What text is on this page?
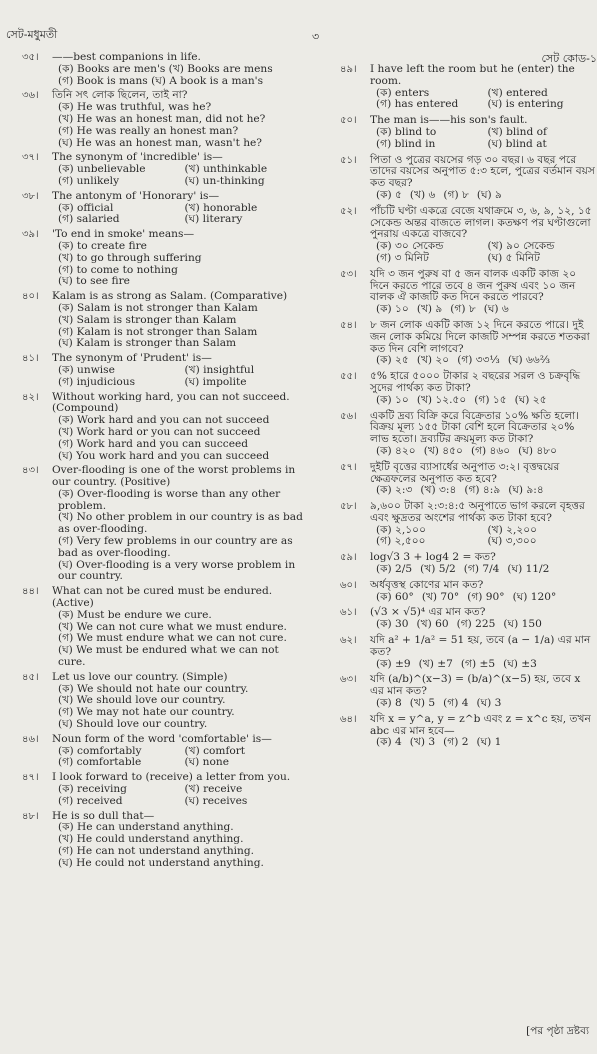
সেট-মধুমতী	৩
সেট কোড-১
৩৫। ——best companions in life.
(ক) Books are men's (খ) Books are mens
(গ) Book is mans (ঘ) A book is a man's
৩৬। তিনি সৎ লোক ছিলেন, তাই না?
(ক) He was truthful, was he?
(খ) He was an honest man, did not he?
(গ) He was really an honest man?
(ঘ) He was an honest man, wasn't he?
৩৭। The synonym of 'incredible' is—
(ক) unbelievable	(খ) unthinkable
(গ) unlikely	(ঘ) un-thinking
৩৮। The antonym of 'Honorary' is—
(ক) official	(খ) honorable
(গ) salaried	(ঘ) literary
৩৯। 'To end in smoke' means—
(ক) to create fire
(খ) to go through suffering
(গ) to come to nothing
(ঘ) to see fire
৪০। Kalam is as strong as Salam. (Comparative)
(ক) Salam is not stronger than Kalam
(খ) Salam is stronger than Kalam
(গ) Kalam is not stronger than Salam
(ঘ) Kalam is stronger than Salam
৪১। The synonym of 'Prudent' is—
(ক) unwise	(খ) insightful
(গ) injudicious	(ঘ) impolite
৪২। Without working hard, you can not succeed. (Compound)
(ক) Work hard and you can not succeed
(খ) Work hard or you can not succeed
(গ) Work hard and you can succeed
(ঘ) You work hard and you can succeed
৪৩। Over-flooding is one of the worst problems in our country. (Positive)
(ক) Over-flooding is worse than any other problem.
(খ) No other problem in our country is as bad as over-flooding.
(গ) Very few problems in our country are as bad as over-flooding.
(ঘ) Over-flooding is a very worse problem in our country.
৪৪। What can not be cured must be endured. (Active)
(ক) Must be endure we cure.
(খ) We can not cure what we must endure.
(গ) We must endure what we can not cure.
(ঘ) We must be endured what we can not cure.
৪৫। Let us love our country. (Simple)
(ক) We should not hate our country.
(খ) We should love our country.
(গ) We may not hate our country.
(ঘ) Should love our country.
৪৬। Noun form of the word 'comfortable' is—
(ক) comfortably	(খ) comfort
(গ) comfortable	(ঘ) none
৪৭। I look forward to (receive) a letter from you.
(ক) receiving	(খ) receive
(গ) received	(ঘ) receives
৪৮। He is so dull that—
(ক) He can understand anything.
(খ) He could understand anything.
(গ) He can not understand anything.
(ঘ) He could not understand anything.
৪৯। I have left the room but he (enter) the room.
(ক) enters	(খ) entered
(গ) has entered	(ঘ) is entering
৫০। The man is——his son's fault.
(ক) blind to	(খ) blind of
(গ) blind in	(ঘ) blind at
৫১। পিতা ও পুত্রের বয়সের গড় ৩০ বছর। ৬ বছর পরে তাদের বয়সের অনুপাত ৫:৩ হলে, পুত্রের বর্তমান বয়স কত বছর?
(ক) ৫ (খ) ৬ (গ) ৮ (ঘ) ৯
৫২। পাঁচটি ঘণ্টা একত্রে বেজে যথাক্রমে ৩, ৬, ৯, ১২, ১৫ সেকেন্ড অন্তর বাজতে লাগল। কতক্ষণ পর ঘণ্টাগুলো পুনরায় একত্রে বাজবে?
(ক) ৩০ সেকেন্ড	(খ) ৯০ সেকেন্ড
(গ) ৩ মিনিট	(ঘ) ৫ মিনিট
৫৩। যদি ৩ জন পুরুষ বা ৫ জন বালক একটি কাজ ২০ দিনে করতে পারে তবে ৪ জন পুরুষ এবং ১০ জন বালক ঐ কাজটি কত দিনে করতে পারবে?
(ক) ১০ (খ) ৯ (গ) ৮ (ঘ) ৬
৫৪। ৮ জন লোক একটি কাজ ১২ দিনে করতে পারে। দুই জন লোক কমিয়ে দিলে কাজটি সম্পন্ন করতে শতকরা কত দিন বেশি লাগবে?
(ক) ২৫ (খ) ২০ (গ) ৩৩⅓ (ঘ) ৬৬⅔
৫৫। ৫% হারে ৫০০০ টাকার ২ বছরের সরল ও চক্রবৃদ্ধি সুদের পার্থক্য কত টাকা?
(ক) ১০ (খ) ১২.৫০ (গ) ১৫ (ঘ) ২৫
৫৬। একটি দ্রব্য বিক্রি করে বিক্রেতার ১০% ক্ষতি হলো। বিক্রয় মূল্য ১৫৫ টাকা বেশি হলে বিক্রেতার ২০% লাভ হতো। দ্রব্যটির ক্রয়মূল্য কত টাকা?
(ক) ৪২০ (খ) ৪৫০ (গ) ৪৬০ (ঘ) ৪৮০
৫৭। দুইটি বৃত্তের ব্যাসার্ধের অনুপাত ৩:২। বৃত্তদ্বয়ের ক্ষেত্রফলের অনুপাত কত হবে?
(ক) ২:৩ (খ) ৩:৪ (গ) ৪:৯ (ঘ) ৯:৪
৫৮। ৯,৬০০ টাকা ২:৩:৪:৫ অনুপাতে ভাগ করলে বৃহত্তর এবং ক্ষুদ্রতর অংশের পার্থক্য কত টাকা হবে?
(ক) ২,১০০	(খ) ২,২০০
(গ) ২,৫০০	(ঘ) ৩,৩০০
৫৯। log√3 3 + log4 2 = কত?
(ক) 2/5 (খ) 5/2 (গ) 7/4 (ঘ) 11/2
৬০। অর্ধবৃত্তস্থ কোণের মান কত?
(ক) 60° (খ) 70° (গ) 90° (ঘ) 120°
৬১। (√3 × √5)⁴ এর মান কত?
(ক) 30 (খ) 60 (গ) 225 (ঘ) 150
৬২। যদি a² + 1/a² = 51 হয়, তবে (a − 1/a) এর মান কত?
(ক) ±9 (খ) ±7 (গ) ±5 (ঘ) ±3
৬৩। যদি (a/b)^(x−3) = (b/a)^(x−5) হয়, তবে x এর মান কত?
(ক) 8 (খ) 5 (গ) 4 (ঘ) 3
৬৪। যদি x = y^a, y = z^b এবং z = x^c হয়, তখন abc এর মান হবে—
(ক) 4 (খ) 3 (গ) 2 (ঘ) 1
[পর পৃষ্ঠা দ্রষ্টব্য
